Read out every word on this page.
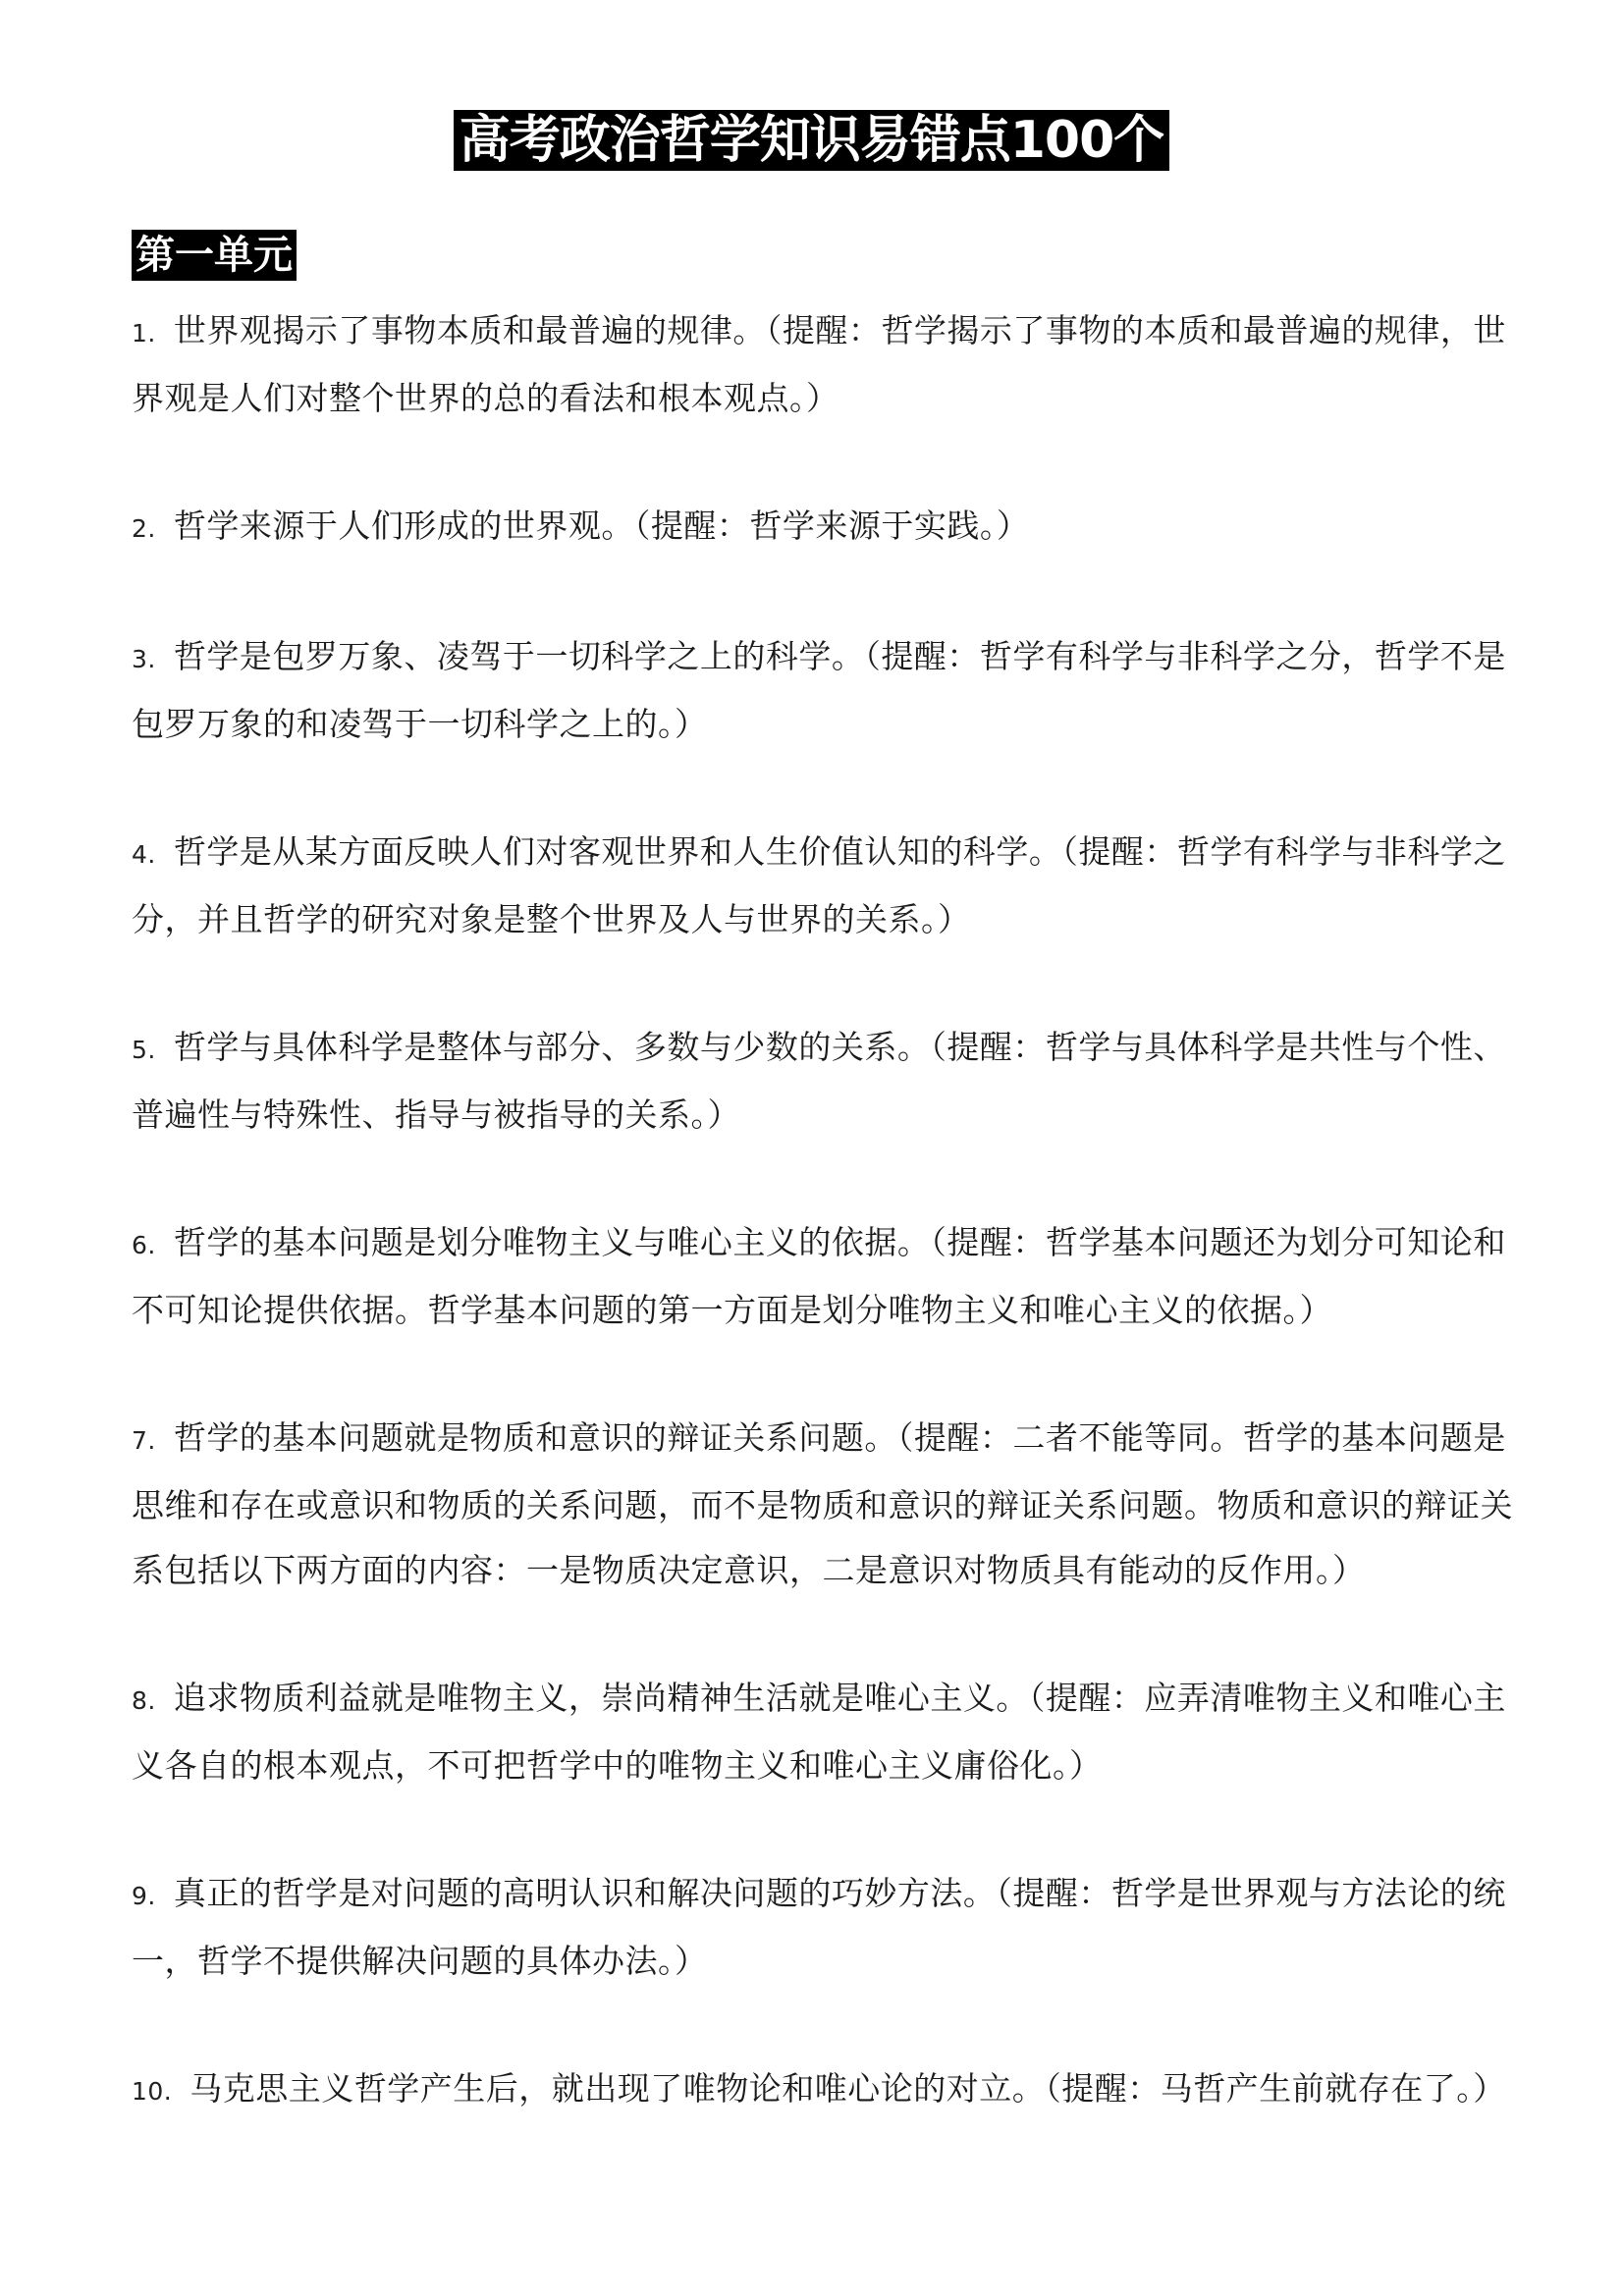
高考政治哲学知识易错点100个
第一单元
1. 世界观揭示了事物本质和最普遍的规律。（提醒：哲学揭示了事物的本质和最普遍的规律，世界观是人们对整个世界的总的看法和根本观点。）
2. 哲学来源于人们形成的世界观。（提醒：哲学来源于实践。）
3. 哲学是包罗万象、凌驾于一切科学之上的科学。（提醒：哲学有科学与非科学之分，哲学不是包罗万象的和凌驾于一切科学之上的。）
4. 哲学是从某方面反映人们对客观世界和人生价值认知的科学。（提醒：哲学有科学与非科学之分，并且哲学的研究对象是整个世界及人与世界的关系。）
5. 哲学与具体科学是整体与部分、多数与少数的关系。（提醒：哲学与具体科学是共性与个性、普遍性与特殊性、指导与被指导的关系。）
6. 哲学的基本问题是划分唯物主义与唯心主义的依据。（提醒：哲学基本问题还为划分可知论和不可知论提供依据。哲学基本问题的第一方面是划分唯物主义和唯心主义的依据。）
7. 哲学的基本问题就是物质和意识的辩证关系问题。（提醒：二者不能等同。哲学的基本问题是思维和存在或意识和物质的关系问题，而不是物质和意识的辩证关系问题。物质和意识的辩证关系包括以下两方面的内容：一是物质决定意识，二是意识对物质具有能动的反作用。）
8. 追求物质利益就是唯物主义，崇尚精神生活就是唯心主义。（提醒：应弄清唯物主义和唯心主义各自的根本观点，不可把哲学中的唯物主义和唯心主义庸俗化。）
9. 真正的哲学是对问题的高明认识和解决问题的巧妙方法。（提醒：哲学是世界观与方法论的统一，哲学不提供解决问题的具体办法。）
10. 马克思主义哲学产生后，就出现了唯物论和唯心论的对立。（提醒：马哲产生前就存在了。）
